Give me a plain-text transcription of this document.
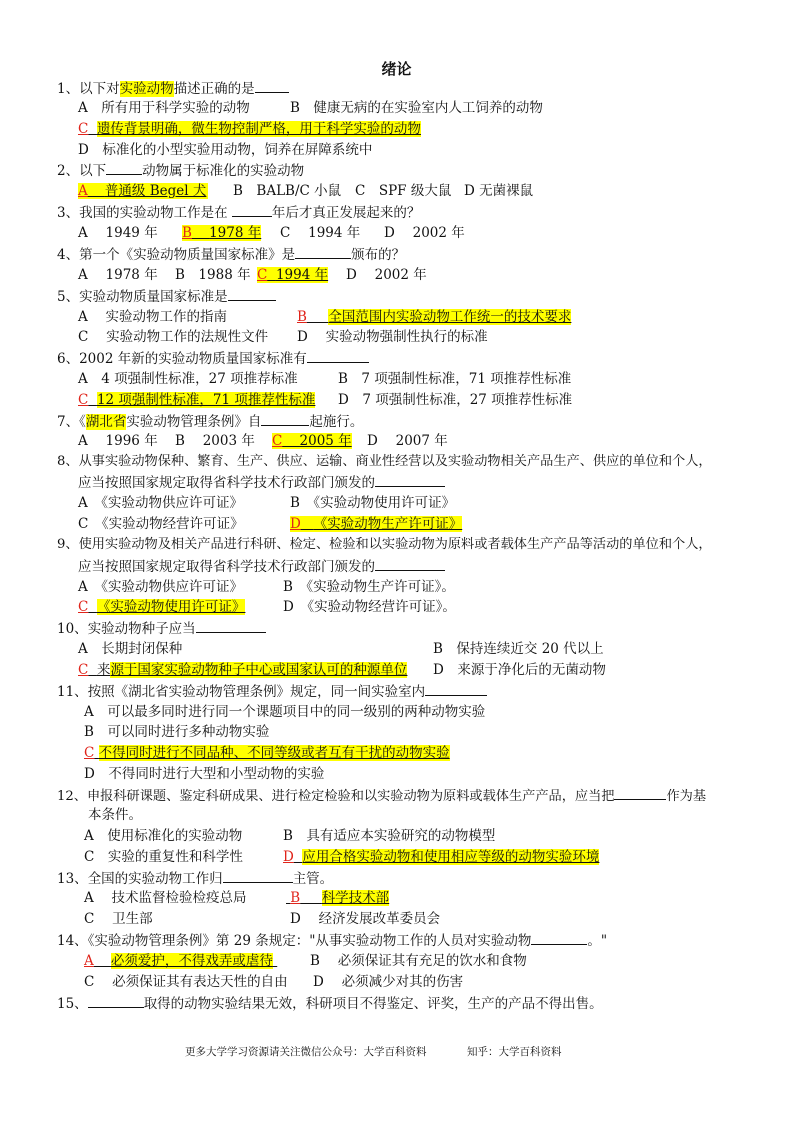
绪论
1、以下对实验动物描述正确的是
A　所有用于科学实验的动物	B　健康无病的在实验室内人工饲养的动物
C 遗传背景明确，微生物控制严格，用于科学实验的动物
D　标准化的小型实验用动物，饲养在屏障系统中
2、以下	动物属于标准化的实验动物
A 普通级 Begel 犬 B　BALB/C 小鼠 C　SPF 级大鼠 D 无菌裸鼠
3、我国的实验动物工作是在	年后才真正发展起来的？
A　 1949 年 B 1978 年 C　 1994 年 D　 2002 年
4、第一个《实验动物质量国家标准》是	颁布的？
A　 1978 年 B　1988 年 C 1994 年 D　 2002 年
5、实验动物质量国家标准是
A　 实验动物工作的指南	B 全国范围内实验动物工作统一的技术要求
C　 实验动物工作的法规性文件 D　 实验动物强制性执行的标准
6、2002 年新的实验动物质量国家标准有
A　4 项强制性标准，27 项推荐标准	B　7 项强制性标准，71 项推荐性标准
C 12 项强制性标准，71 项推荐性标准 D　7 项强制性标准，27 项推荐性标准
7、《湖北省实验动物管理条例》自	起施行。
A　 1996 年 B　 2003 年 C 2005 年 D　 2007 年
8、从事实验动物保种、繁育、生产、供应、运输、商业性经营以及实验动物相关产品生产、供应的单位和个人，
应当按照国家规定取得省科学技术行政部门颁发的
A　《实验动物供应许可证》	B　《实验动物使用许可证》
C　《实验动物经营许可证》	D 《实验动物生产许可证》
9、使用实验动物及相关产品进行科研、检定、检验和以实验动物为原料或者载体生产产品等活动的单位和个人，
应当按照国家规定取得省科学技术行政部门颁发的
A　《实验动物供应许可证》	B　《实验动物生产许可证》。
C 《实验动物使用许可证》	D　《实验动物经营许可证》。
10、实验动物种子应当
A　长期封闭保种	B　保持连续近交 20 代以上
C 来源于国家实验动物种子中心或国家认可的种源单位 D　来源于净化后的无菌动物
11、按照《湖北省实验动物管理条例》规定，同一间实验室内
A　可以最多同时进行同一个课题项目中的同一级别的两种动物实验
B　可以同时进行多种动物实验
C 不得同时进行不同品种、不同等级或者互有干扰的动物实验
D　不得同时进行大型和小型动物的实验
12、申报科研课题、鉴定科研成果、进行检定检验和以实验动物为原料或载体生产产品，应当把	作为基
本条件。
A　使用标准化的实验动物	B　具有适应本实验研究的动物模型
C　实验的重复性和科学性	D 应用合格实验动物和使用相应等级的动物实验环境
13、全国的实验动物工作归	主管。
A　 技术监督检验检疫总局	B 科学技术部
C　 卫生部	D　 经济发展改革委员会
14、《实验动物管理条例》第 29 条规定："从事实验动物工作的人员对实验动物	。"
A 必须爱护，不得戏弄或虐待	B　 必须保证其有充足的饮水和食物
C　 必须保证其有表达天性的自由 D　 必须减少对其的伤害
15、	取得的动物实验结果无效，科研项目不得鉴定、评奖，生产的产品不得出售。
更多大学学习资源请关注微信公众号：大学百科资料	知乎：大学百科资料
